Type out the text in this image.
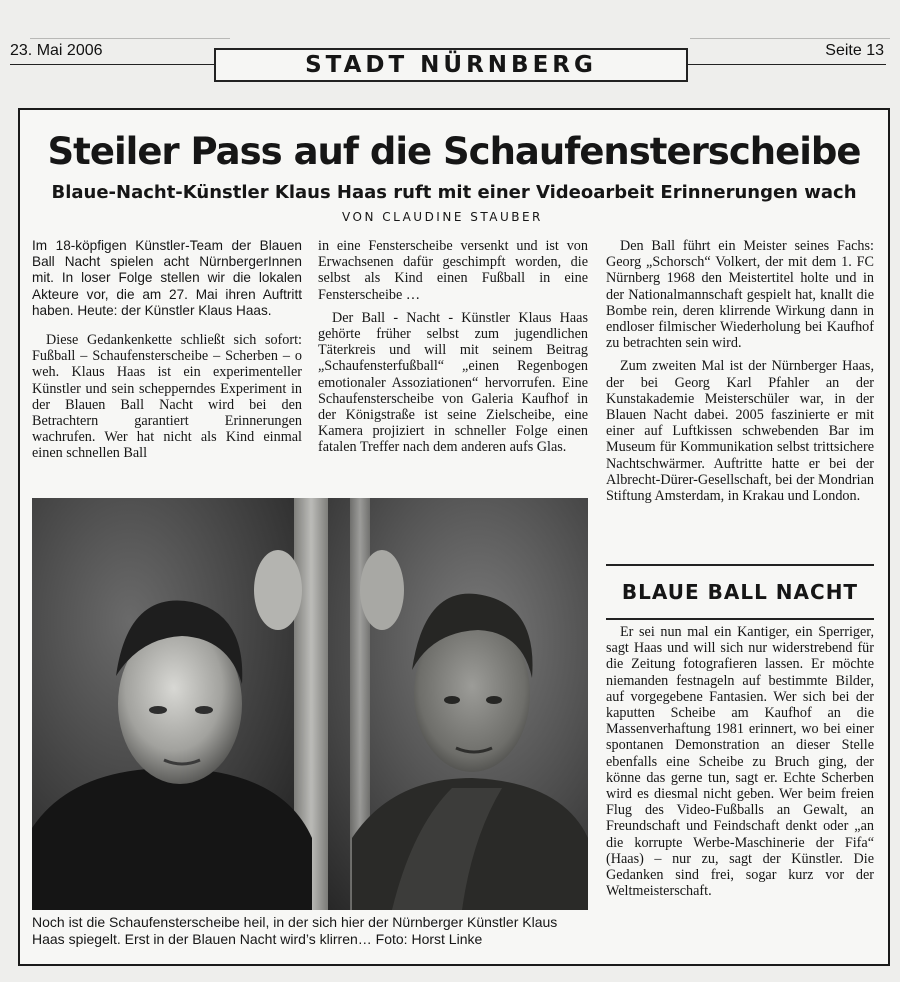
23. Mai 2006
STADT NÜRNBERG
Seite 13
Steiler Pass auf die Schaufensterscheibe
Blaue-Nacht-Künstler Klaus Haas ruft mit einer Videoarbeit Erinnerungen wach
VON CLAUDINE STAUBER
Im 18-köpfigen Künstler-Team der Blauen Ball Nacht spielen acht NürnbergerInnen mit. In loser Folge stellen wir die lokalen Akteure vor, die am 27. Mai ihren Auftritt haben. Heute: der Künstler Klaus Haas.

Diese Gedankenkette schließt sich sofort: Fußball – Schaufensterscheibe – Scherben – o weh. Klaus Haas ist ein experimenteller Künstler und sein schepperndes Experiment in der Blauen Ball Nacht wird bei den Betrachtern garantiert Erinnerungen wachrufen. Wer hat nicht als Kind einmal einen schnellen Ball

in eine Fensterscheibe versenkt und ist von Erwachsenen dafür geschimpft worden, die selbst als Kind einen Fußball in eine Fensterscheibe …

Der Ball - Nacht - Künstler Klaus Haas gehörte früher selbst zum jugendlichen Täterkreis und will mit seinem Beitrag „Schaufensterfußball“ „einen Regenbogen emotionaler Assoziationen“ hervorrufen. Eine Schaufensterscheibe von Galeria Kaufhof in der Königstraße ist seine Zielscheibe, eine Kamera projiziert in schneller Folge einen fatalen Treffer nach dem anderen aufs Glas.

Den Ball führt ein Meister seines Fachs: Georg „Schorsch“ Volkert, der mit dem 1. FC Nürnberg 1968 den Meistertitel holte und in der Nationalmannschaft gespielt hat, knallt die Bombe rein, deren klirrende Wirkung dann in endloser filmischer Wiederholung bei Kaufhof zu betrachten sein wird.

Zum zweiten Mal ist der Nürnberger Haas, der bei Georg Karl Pfahler an der Kunstakademie Meisterschüler war, in der Blauen Nacht dabei. 2005 faszinierte er mit einer auf Luftkissen schwebenden Bar im Museum für Kommunikation selbst trittsichere Nachtschwärmer. Auftritte hatte er bei der Albrecht-Dürer-Gesellschaft, bei der Mondrian Stiftung Amsterdam, in Krakau und London.

BLAUE BALL NACHT

Er sei nun mal ein Kantiger, ein Sperriger, sagt Haas und will sich nur widerstrebend für die Zeitung fotografieren lassen. Er möchte niemanden festnageln auf bestimmte Bilder, auf vorgegebene Fantasien. Wer sich bei der kaputten Scheibe am Kaufhof an die Massenverhaftung 1981 erinnert, wo bei einer spontanen Demonstration an dieser Stelle ebenfalls eine Scheibe zu Bruch ging, der könne das gerne tun, sagt er. Echte Scherben wird es diesmal nicht geben. Wer beim freien Flug des Video-Fußballs an Gewalt, an Freundschaft und Feindschaft denkt oder „an die korrupte Werbe-Maschinerie der Fifa“ (Haas) – nur zu, sagt der Künstler. Die Gedanken sind frei, sogar kurz vor der Weltmeisterschaft.

Noch ist die Schaufensterscheibe heil, in der sich hier der Nürnberger Künstler Klaus Haas spiegelt. Erst in der Blauen Nacht wird’s klirren… Foto: Horst Linke
